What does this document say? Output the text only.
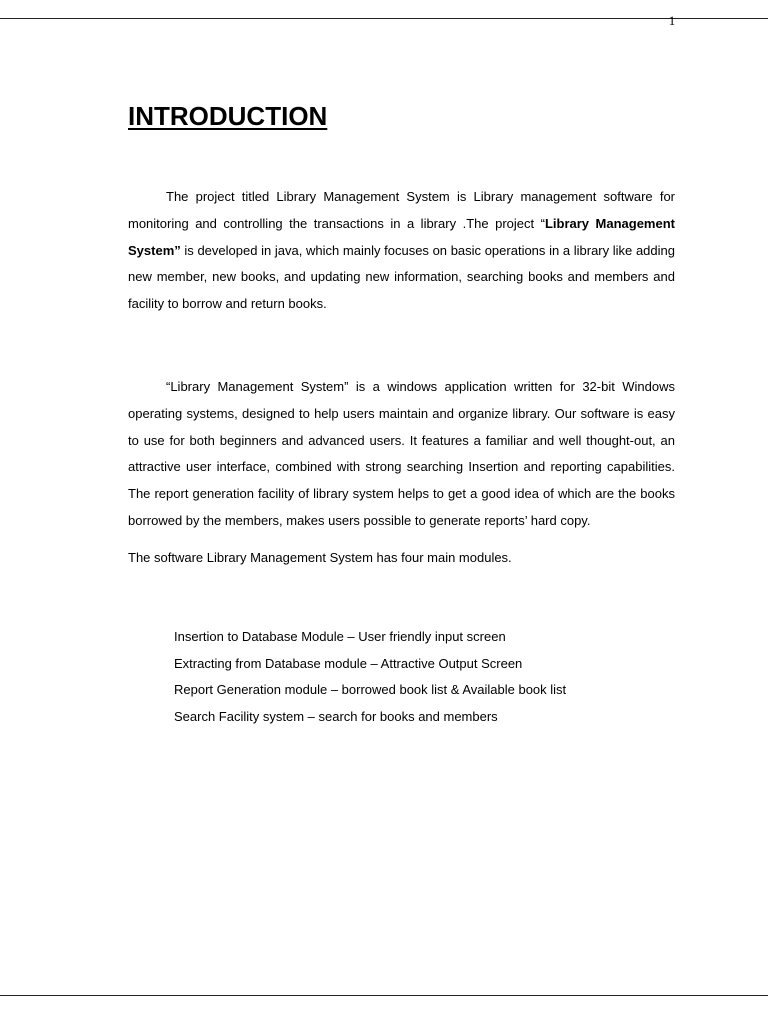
1
INTRODUCTION

The project titled Library Management System is Library management software for monitoring and controlling the transactions in a library .The project “Library Management System” is developed in java, which mainly focuses on basic operations in a library like adding new member, new books, and updating new information, searching books and members and facility to borrow and return books.

“Library Management System” is a windows application written for 32-bit Windows operating systems, designed to help users maintain and organize library. Our software is easy to use for both beginners and advanced users. It features a familiar and well thought-out, an attractive user interface, combined with strong searching Insertion and reporting capabilities. The report generation facility of library system helps to get a good idea of which are the books borrowed by the members, makes users possible to generate reports’ hard copy.

The software Library Management System has four main modules.

Insertion to Database Module – User friendly input screen
Extracting from Database module – Attractive Output Screen
Report Generation module – borrowed book list & Available book list
Search Facility system – search for books and members
